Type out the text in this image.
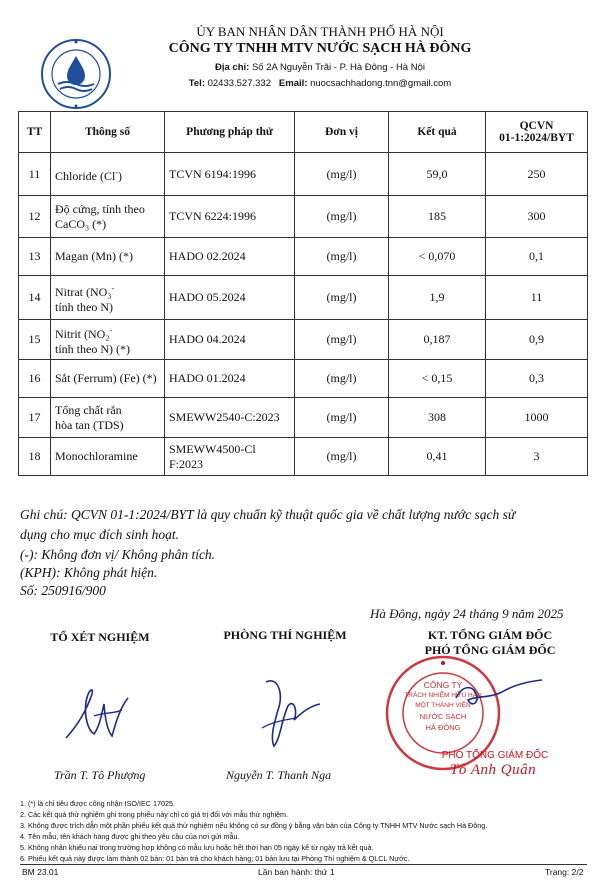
ỦY BAN NHÂN DÂN THÀNH PHỐ HÀ NỘI
CÔNG TY TNHH MTV NƯỚC SẠCH HÀ ĐÔNG
Địa chỉ: Số 2A Nguyễn Trãi - P. Hà Đông - Hà Nội
Tel: 02433.527.332 Email: nuocsachhadong.tnn@gmail.com
TT	Thông số	Phương pháp thử	Đơn vị	Kết quả	QCVN
01-1:2024/BYT

11	Chloride (Cl-)	TCVN 6194:1996	(mg/l)	59,0	250
12	Độ cứng, tính theo
CaCO₃ (*)	TCVN 6224:1996	(mg/l)	185	300
13	Magan (Mn) (*)	HADO 02.2024	(mg/l)	< 0,070	0,1
14	Nitrat (NO₃-
tính theo N)	HADO 05.2024	(mg/l)	1,9	11
15	Nitrit (NO₂-
tính theo N) (*)	HADO 04.2024	(mg/l)	0,187	0,9
16	Sắt (Ferrum) (Fe) (*)	HADO 01.2024	(mg/l)	< 0,15	0,3
17	Tổng chất rắn
hòa tan (TDS)	SMEWW2540-C:2023	(mg/l)	308	1000
18	Monochloramine	SMEWW4500-Cl F:2023	(mg/l)	0,41	3
Ghi chú: QCVN 01-1:2024/BYT là quy chuẩn kỹ thuật quốc gia về chất lượng nước sạch sử
dụng cho mục đích sinh hoạt.
(-): Không đơn vị/ Không phân tích.
(KPH): Không phát hiện.
Số: 250916/900
Hà Đông, ngày 24 tháng 9 năm 2025
TỔ XÉT NGHIỆM	PHÒNG THÍ NGHIỆM	KT. TỔNG GIÁM ĐỐC
PHÓ TỔNG GIÁM ĐỐC
CÔNG TY
TRÁCH NHIỆM HỮU HẠN
MỘT THÀNH VIÊN
NƯỚC SẠCH
HÀ ĐÔNG
PHÓ TỔNG GIÁM ĐỐC
Trần T. Tô Phượng	Nguyễn T. Thanh Nga	Tô Anh Quân
1. (*) là chỉ tiêu được công nhận ISO/IEC 17025.
2. Các kết quả thử nghiệm ghi trong phiếu này chỉ có giá trị đối với mẫu thử nghiệm.
3. Không được trích dẫn một phần phiếu kết quả thử nghiệm nếu không có sự đồng ý bằng văn bản của Công ty TNHH MTV Nước sạch Hà Đông.
4. Tên mẫu, tên khách hàng được ghi theo yêu cầu của nơi gửi mẫu.
5. Không nhận khiếu nại trong trường hợp không có mẫu lưu hoặc hết thời hạn 05 ngày kể từ ngày trả kết quả.
6. Phiếu kết quả này được làm thành 02 bản: 01 bản trả cho khách hàng; 01 bản lưu tại Phòng Thí nghiệm & QLCL Nước.
BM 23.01	Lần ban hành: thứ 1	Trang: 2/2
